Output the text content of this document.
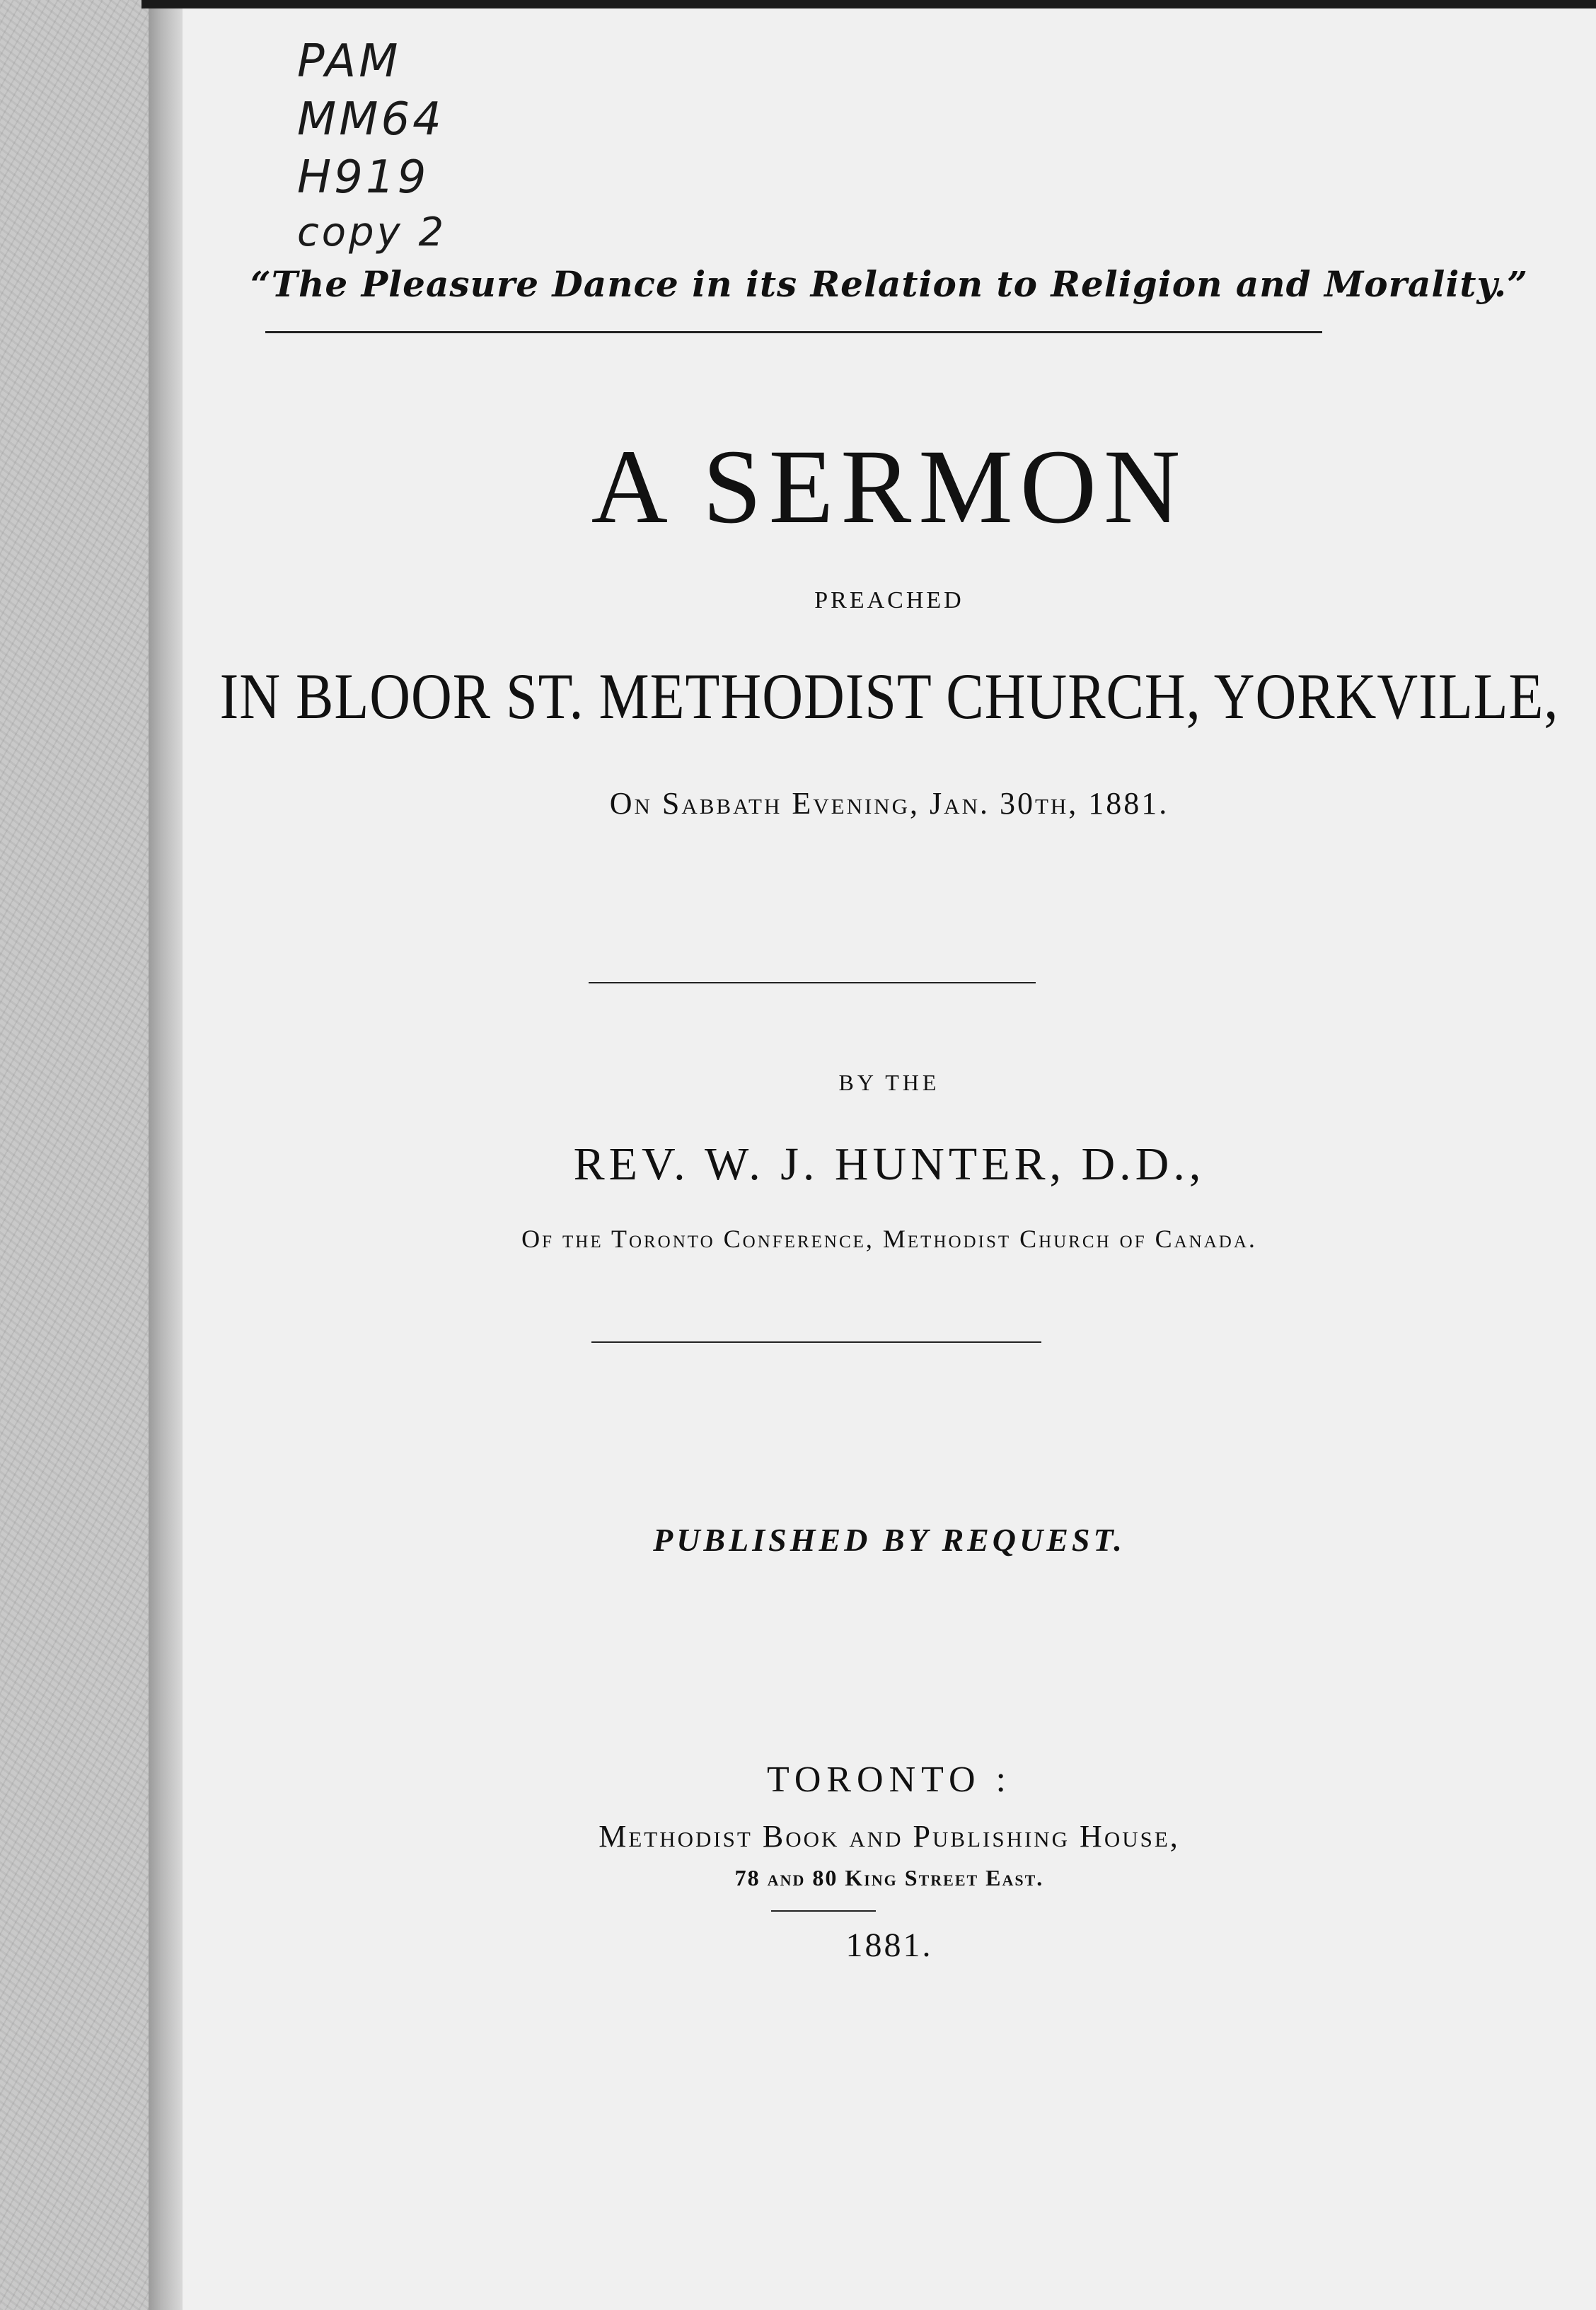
PAM
MM64
H919
copy 2
“The Pleasure Dance in its Relation to Religion and Morality.”
A SERMON
PREACHED
IN BLOOR ST. METHODIST CHURCH, YORKVILLE,
On Sabbath Evening, Jan. 30th, 1881.
BY THE
REV. W. J. HUNTER, D.D.,
Of the Toronto Conference, Methodist Church of Canada.
PUBLISHED BY REQUEST.
TORONTO :
Methodist Book and Publishing House,
78 and 80 King Street East.
1881.
